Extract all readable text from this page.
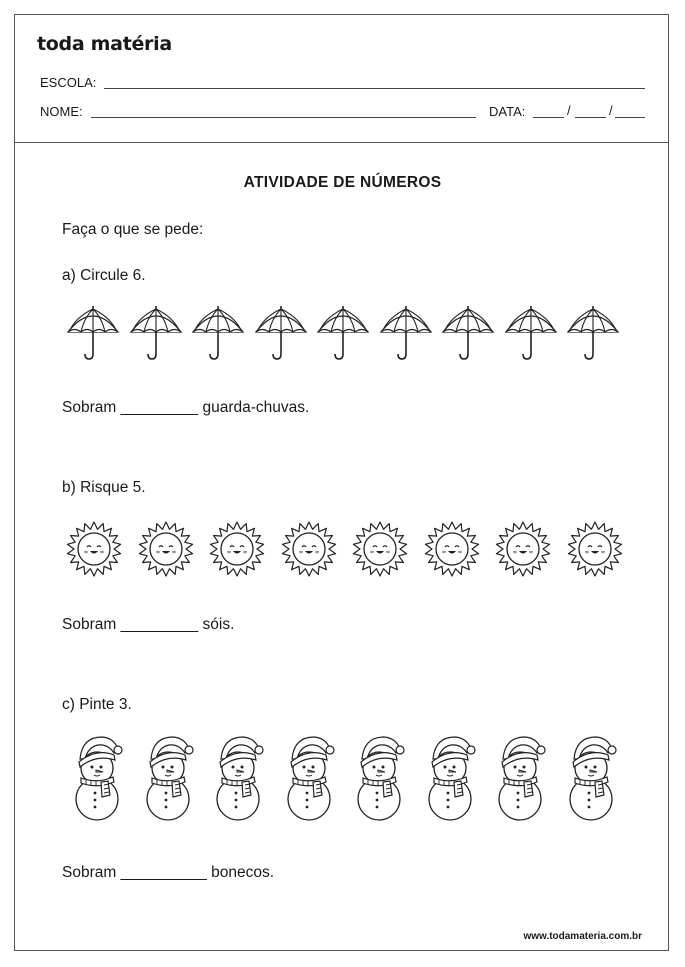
toda matéria
ESCOLA:
NOME:	DATA:	/	/
ATIVIDADE DE NÚMEROS
Faça o que se pede:
a) Circule 6.
Sobram _________ guarda-chuvas.
b) Risque 5.
Sobram _________ sóis.
c) Pinte 3.
Sobram __________ bonecos.
www.todamateria.com.br
